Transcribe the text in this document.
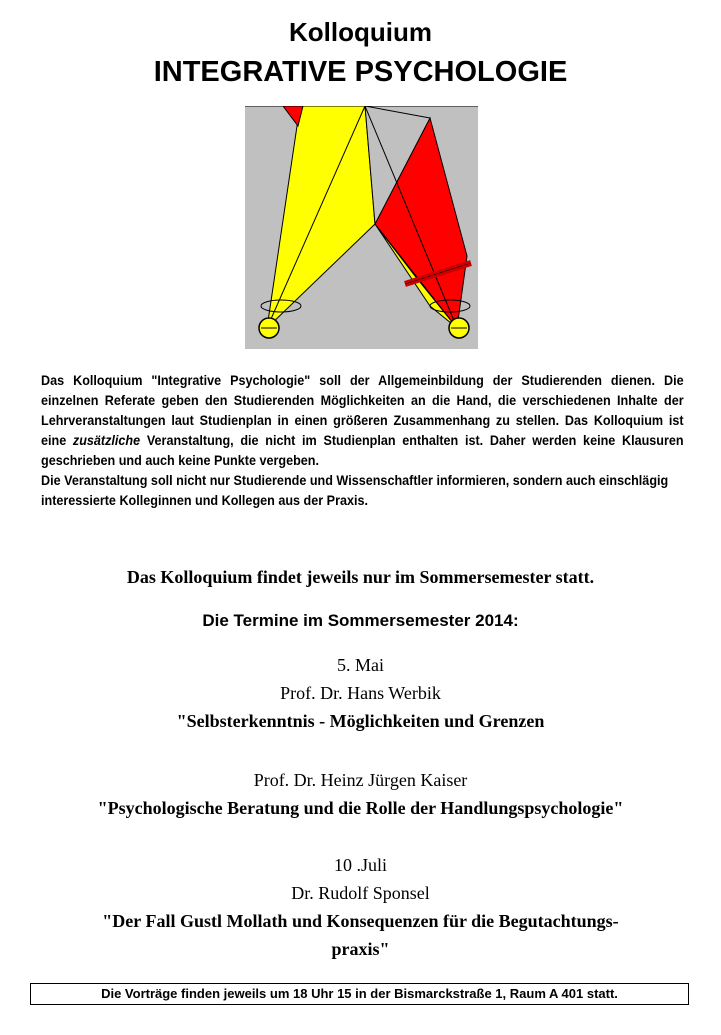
Kolloquium
INTEGRATIVE PSYCHOLOGIE

Das Kolloquium "Integrative Psychologie" soll der Allgemeinbildung der Studierenden dienen. Die einzelnen Referate geben den Studierenden Möglichkeiten an die Hand, die verschiedenen Inhalte der Lehrveranstaltungen laut Studienplan in einen größeren Zusammenhang zu stellen. Das Kolloquium ist eine zusätzliche Veranstaltung, die nicht im Studienplan enthalten ist. Daher werden keine Klausuren geschrieben und auch keine Punkte vergeben.

Die Veranstaltung soll nicht nur Studierende und Wissenschaftler informieren, sondern auch einschlägig interessierte Kolleginnen und Kollegen aus der Praxis.

Das Kolloquium findet jeweils nur im Sommersemester statt.
Die Termine im Sommersemester 2014:
5. Mai
Prof. Dr. Hans Werbik
"Selbsterkenntnis - Möglichkeiten und Grenzen
Prof. Dr. Heinz Jürgen Kaiser
"Psychologische Beratung und die Rolle der Handlungspsychologie"
10 .Juli
Dr. Rudolf Sponsel
"Der Fall Gustl Mollath und Konsequenzen für die Begutachtungs-
praxis"
Die Vorträge finden jeweils um 18 Uhr 15 in der Bismarckstraße 1, Raum A 401 statt.
